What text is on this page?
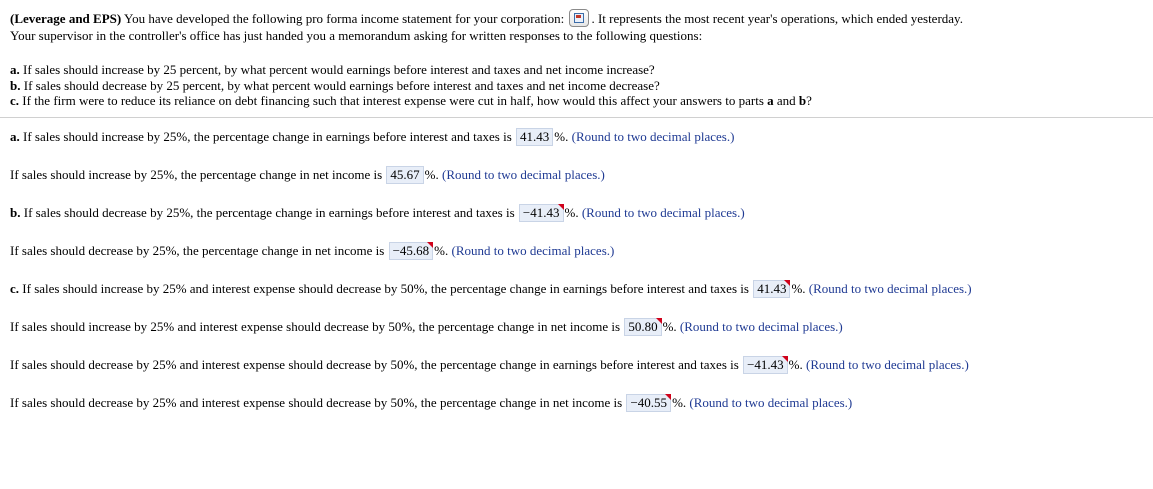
(Leverage and EPS) You have developed the following pro forma income statement for your corporation: . It represents the most recent year's operations, which ended yesterday.
Your supervisor in the controller's office has just handed you a memorandum asking for written responses to the following questions:
a. If sales should increase by 25 percent, by what percent would earnings before interest and taxes and net income increase?
b. If sales should decrease by 25 percent, by what percent would earnings before interest and taxes and net income decrease?
c. If the firm were to reduce its reliance on debt financing such that interest expense were cut in half, how would this affect your answers to parts a and b?
a. If sales should increase by 25%, the percentage change in earnings before interest and taxes is 41.43 %. (Round to two decimal places.)
If sales should increase by 25%, the percentage change in net income is 45.67 %. (Round to two decimal places.)
b. If sales should decrease by 25%, the percentage change in earnings before interest and taxes is −41.43 %. (Round to two decimal places.)
If sales should decrease by 25%, the percentage change in net income is −45.68 %. (Round to two decimal places.)
c. If sales should increase by 25% and interest expense should decrease by 50%, the percentage change in earnings before interest and taxes is 41.43 %. (Round to two decimal places.)
If sales should increase by 25% and interest expense should decrease by 50%, the percentage change in net income is 50.80 %. (Round to two decimal places.)
If sales should decrease by 25% and interest expense should decrease by 50%, the percentage change in earnings before interest and taxes is −41.43 %. (Round to two decimal places.)
If sales should decrease by 25% and interest expense should decrease by 50%, the percentage change in net income is −40.55 %. (Round to two decimal places.)
